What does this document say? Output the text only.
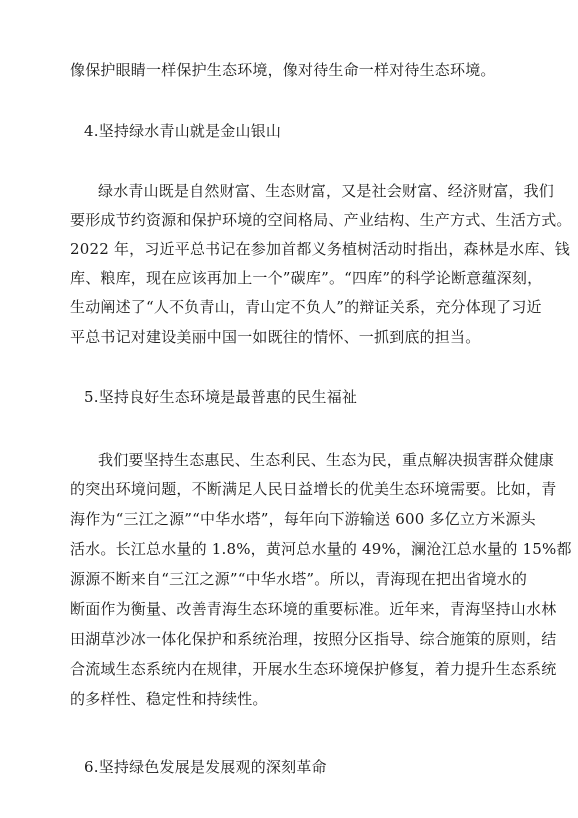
像保护眼睛一样保护生态环境，像对待生命一样对待生态环境。
4.坚持绿水青山就是金山银山
绿水青山既是自然财富、生态财富，又是社会财富、经济财富，我们
要形成节约资源和保护环境的空间格局、产业结构、生产方式、生活方式。
2022 年，习近平总书记在参加首都义务植树活动时指出，森林是水库、钱
库、粮库，现在应该再加上一个”碳库”。“四库”的科学论断意蕴深刻，
生动阐述了“人不负青山，青山定不负人”的辩证关系，充分体现了习近
平总书记对建设美丽中国一如既往的情怀、一抓到底的担当。
5.坚持良好生态环境是最普惠的民生福祉
我们要坚持生态惠民、生态利民、生态为民，重点解决损害群众健康
的突出环境问题，不断满足人民日益增长的优美生态环境需要。比如，青
海作为“三江之源”“中华水塔”，每年向下游输送 600 多亿立方米源头
活水。长江总水量的 1.8%，黄河总水量的 49%，澜沧江总水量的 15%都
源源不断来自“三江之源”“中华水塔”。所以，青海现在把出省境水的
断面作为衡量、改善青海生态环境的重要标准。近年来，青海坚持山水林
田湖草沙冰一体化保护和系统治理，按照分区指导、综合施策的原则，结
合流域生态系统内在规律，开展水生态环境保护修复，着力提升生态系统
的多样性、稳定性和持续性。
6.坚持绿色发展是发展观的深刻革命
